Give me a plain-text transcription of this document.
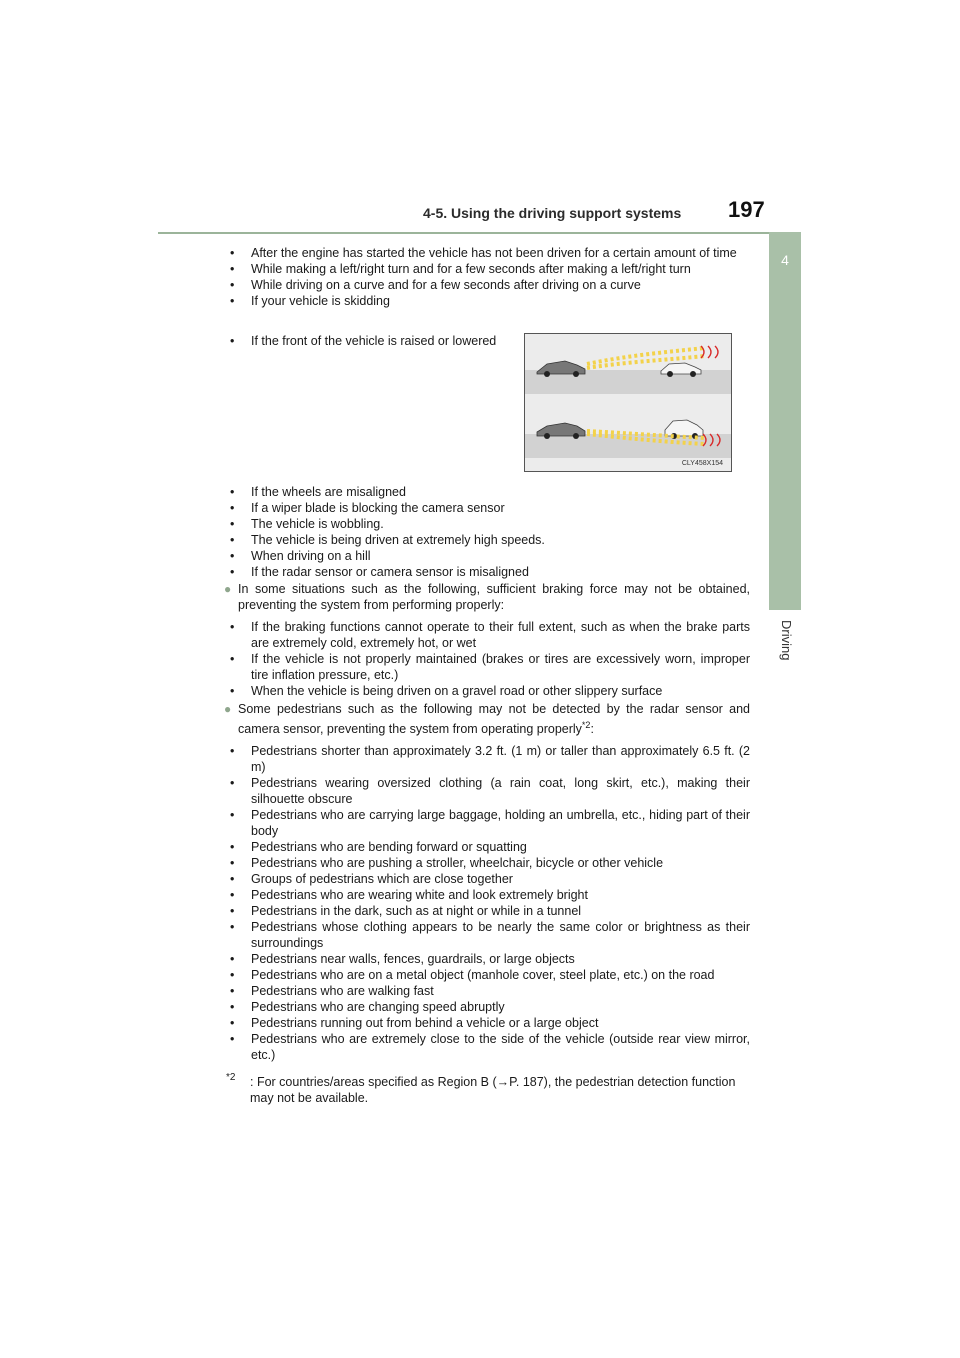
4-5. Using the driving support systems 197
4
Driving

• After the engine has started the vehicle has not been driven for a certain amount of time

• While making a left/right turn and for a few seconds after making a left/right turn

• While driving on a curve and for a few seconds after driving on a curve

• If your vehicle is skidding

• If the front of the vehicle is raised or lowered

CLY458X154

• If the wheels are misaligned

• If a wiper blade is blocking the camera sensor

• The vehicle is wobbling.

• The vehicle is being driven at extremely high speeds.

• When driving on a hill

• If the radar sensor or camera sensor is misaligned

● In some situations such as the following, sufficient braking force may not be obtained, preventing the system from performing properly:

• If the braking functions cannot operate to their full extent, such as when the brake parts are extremely cold, extremely hot, or wet

• If the vehicle is not properly maintained (brakes or tires are excessively worn, improper tire inflation pressure, etc.)

• When the vehicle is being driven on a gravel road or other slippery surface

● Some pedestrians such as the following may not be detected by the radar sensor and camera sensor, preventing the system from operating properly$^{*2}$:

• Pedestrians shorter than approximately 3.2 ft. (1 m) or taller than approximately 6.5 ft. (2 m)

• Pedestrians wearing oversized clothing (a rain coat, long skirt, etc.), making their silhouette obscure

• Pedestrians who are carrying large baggage, holding an umbrella, etc., hiding part of their body

• Pedestrians who are bending forward or squatting

• Pedestrians who are pushing a stroller, wheelchair, bicycle or other vehicle

• Groups of pedestrians which are close together

• Pedestrians who are wearing white and look extremely bright

• Pedestrians in the dark, such as at night or while in a tunnel

• Pedestrians whose clothing appears to be nearly the same color or brightness as their surroundings

• Pedestrians near walls, fences, guardrails, or large objects

• Pedestrians who are on a metal object (manhole cover, steel plate, etc.) on the road

• Pedestrians who are walking fast

• Pedestrians who are changing speed abruptly

• Pedestrians running out from behind a vehicle or a large object

• Pedestrians who are extremely close to the side of the vehicle (outside rear view mirror, etc.)

*2 : For countries/areas specified as Region B (→P. 187), the pedestrian detection function may not be available.
